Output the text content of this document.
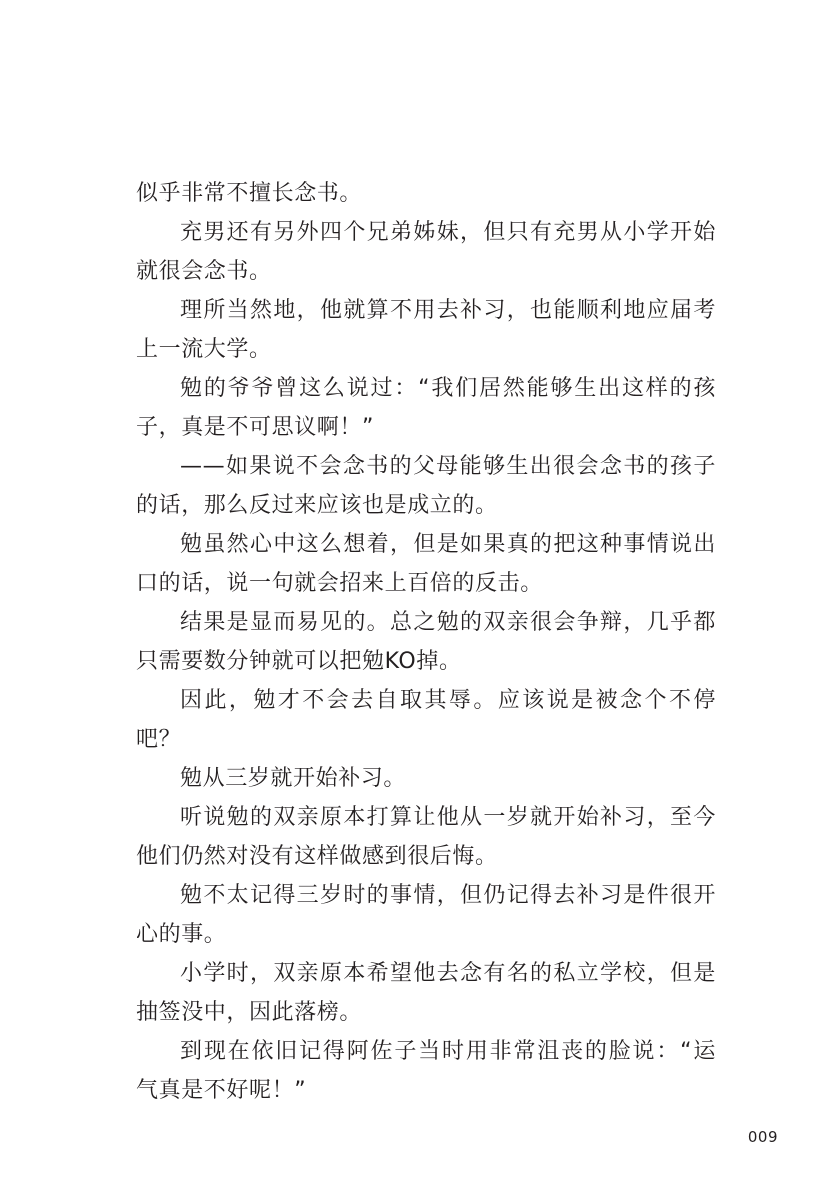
似乎非常不擅长念书。
充男还有另外四个兄弟姊妹，但只有充男从小学开始
就很会念书。
理所当然地，他就算不用去补习，也能顺利地应届考
上一流大学。
勉的爷爷曾这么说过：“我们居然能够生出这样的孩
子，真是不可思议啊！”
——如果说不会念书的父母能够生出很会念书的孩子
的话，那么反过来应该也是成立的。
勉虽然心中这么想着，但是如果真的把这种事情说出
口的话，说一句就会招来上百倍的反击。
结果是显而易见的。总之勉的双亲很会争辩，几乎都
只需要数分钟就可以把勉KO掉。
因此，勉才不会去自取其辱。应该说是被念个不停
吧？
勉从三岁就开始补习。
听说勉的双亲原本打算让他从一岁就开始补习，至今
他们仍然对没有这样做感到很后悔。
勉不太记得三岁时的事情，但仍记得去补习是件很开
心的事。
小学时，双亲原本希望他去念有名的私立学校，但是
抽签没中，因此落榜。
到现在依旧记得阿佐子当时用非常沮丧的脸说：“运
气真是不好呢！”
009
